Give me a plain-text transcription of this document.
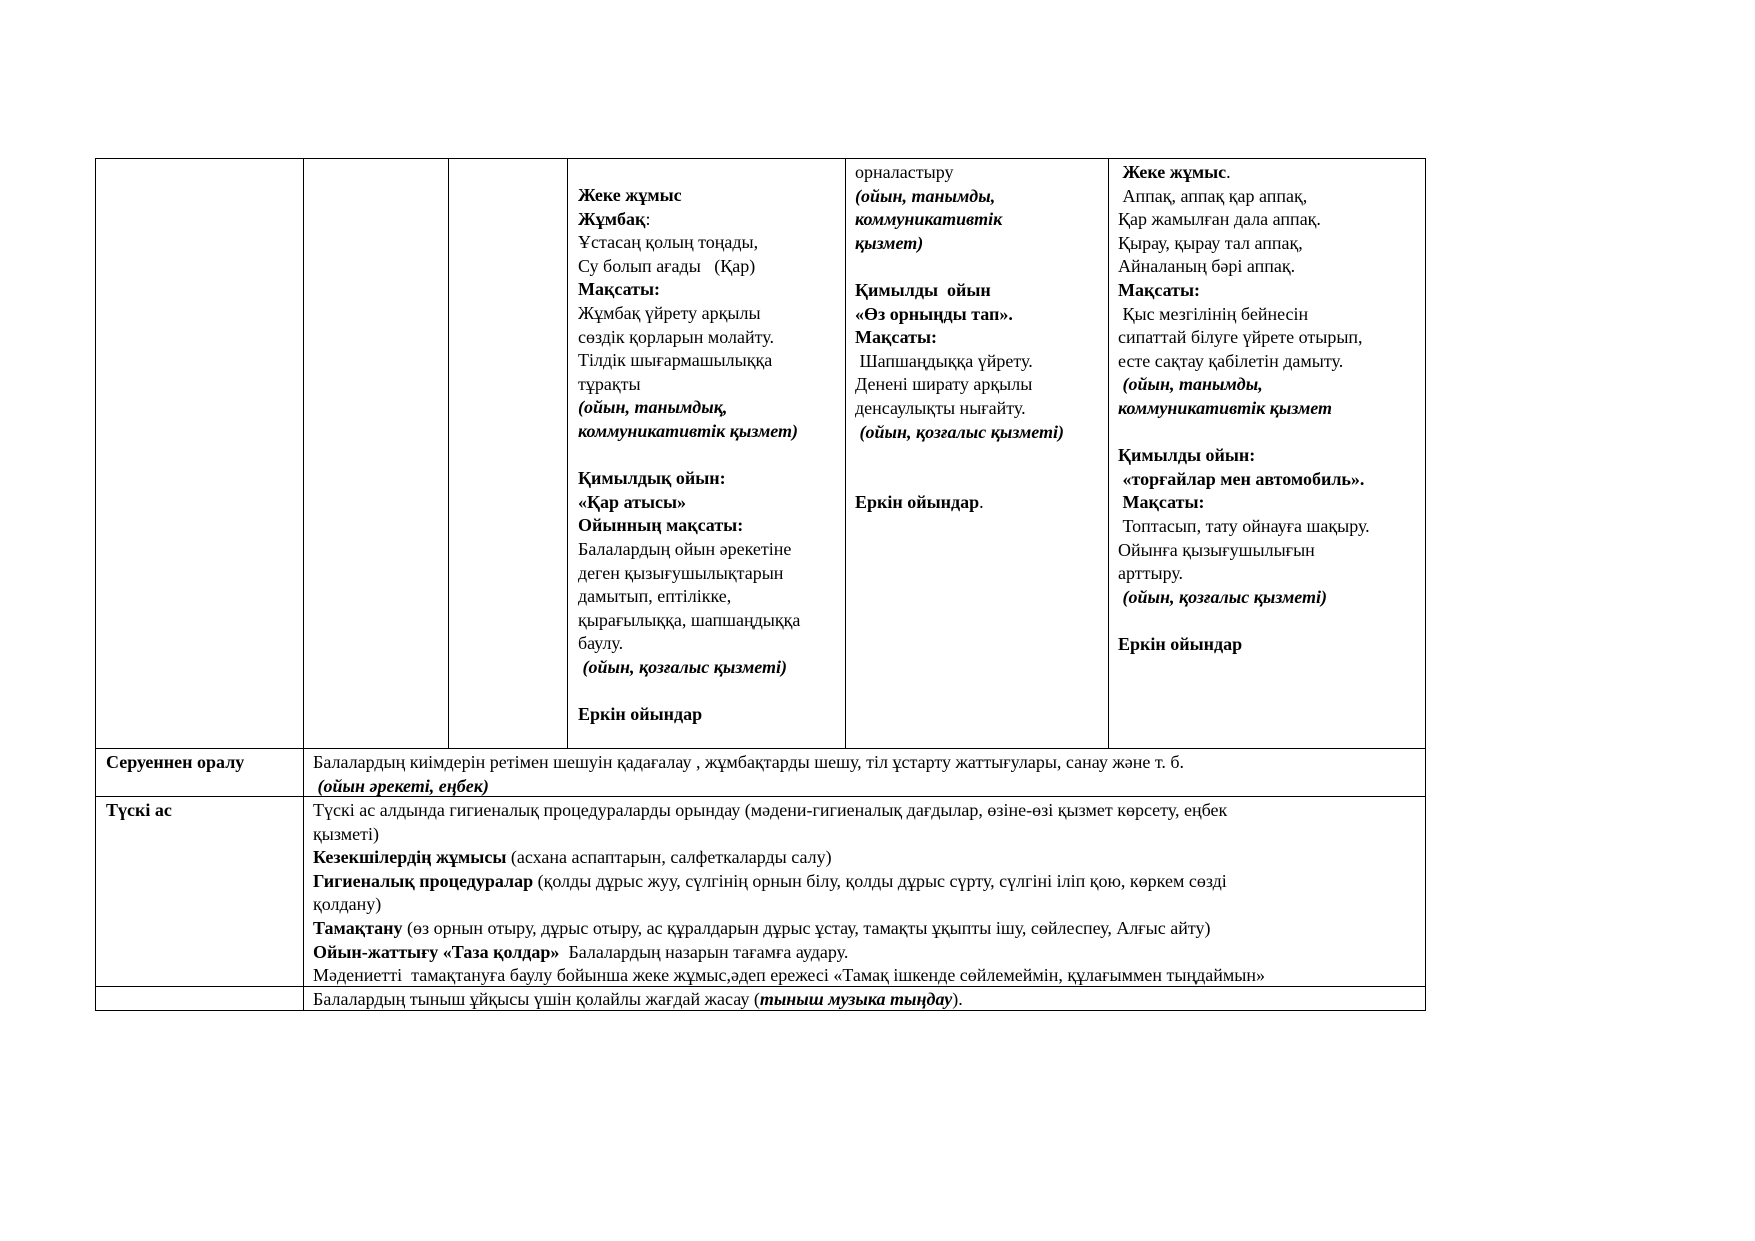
Жеке жұмыс
Жұмбақ:
Ұстасаң қолың тоңады,
Су болып ағады   (Қар)
Мақсаты:
Жұмбақ үйрету арқылы
сөздік қорларын молайту.
Тілдік шығармашылыққа
тұрақты
(ойын, танымдық,
коммуникативтік қызмет)

Қимылдық ойын:
«Қар атысы»
Ойынның мақсаты:
Балалардың ойын әрекетіне
деген қызығушылықтарын
дамытып, ептілікке,
қырағылыққа, шапшаңдыққа
баулу.
(ойын, қозғалыс қызметі)

Еркін ойындар
орналастыру
(ойын, танымды,
коммуникативтік
қызмет)

Қимылды  ойын
«Өз орныңды тап».
Мақсаты:
Шапшаңдыққа үйрету.
Денені ширату арқылы
денсаулықты нығайту.
(ойын, қозғалыс қызметі)

Еркін ойындар.
Жеке жұмыс.
Аппақ, аппақ қар аппақ,
Қар жамылған дала аппақ.
Қырау, қырау тал аппақ,
Айналаның бәрі аппақ.
Мақсаты:
Қыс мезгілінің бейнесін
сипаттай білуге үйрете отырып,
есте сақтау қабілетін дамыту.
(ойын, танымды,
коммуникативтік қызмет

Қимылды ойын:
«торғайлар мен автомобиль».
Мақсаты:
Топтасып, тату ойнауға шақыру.
Ойынға қызығушылығын
арттыру.
(ойын, қозғалыс қызметі)

Еркін ойындар
Серуеннен оралу	Балалардың киімдерін ретімен шешуін қадағалау , жұмбақтарды шешу, тіл ұстарту жаттығулары, санау және т. б.
(ойын әрекеті, еңбек)
Түскі ас	Түскі ас алдында гигиеналық процедураларды орындау (мәдени-гигиеналық дағдылар, өзіне-өзі қызмет көрсету, еңбек
қызметі)
Кезекшілердің жұмысы (асхана аспаптарын, салфеткаларды салу)
Гигиеналық процедуралар (қолды дұрыс жуу, сүлгінің орнын білу, қолды дұрыс сүрту, сүлгіні іліп қою, көркем сөзді
қолдану)
Тамақтану (өз орнын отыру, дұрыс отыру, ас құралдарын дұрыс ұстау, тамақты ұқыпты ішу, сөйлеспеу, Алғыс айту)
Ойын-жаттығу «Таза қолдар»  Балалардың назарын тағамға аудару.
Мәдениетті  тамақтануға баулу бойынша жеке жұмыс,әдеп ережесі «Тамақ ішкенде сөйлемеймін, құлағыммен тыңдаймын»
Балалардың тыныш ұйқысы үшін қолайлы жағдай жасау (тыныш музыка тыңдау).
